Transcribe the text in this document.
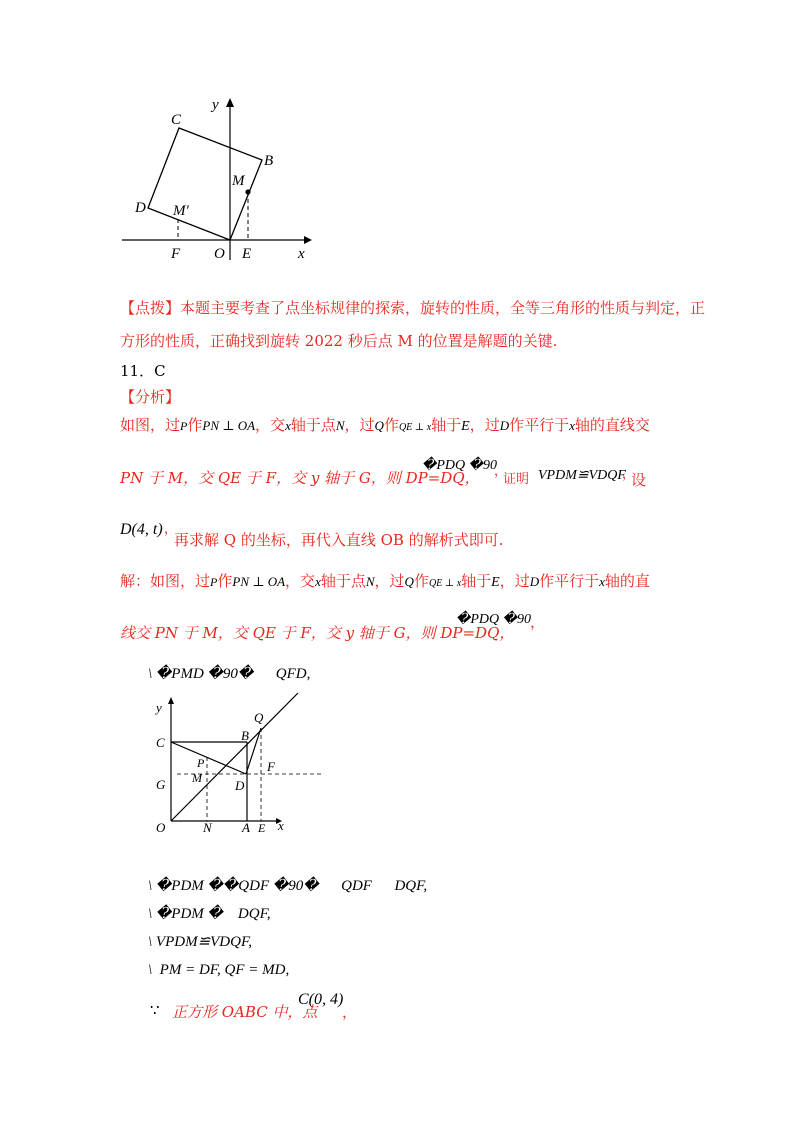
C
B
M
D M′
F O E	x
y
【点拨】本题主要考查了点坐标规律的探索，旋转的性质，全等三角形的性质与判定，正
方形的性质，正确找到旋转 2022 秒后点 M 的位置是解题的关键.
11．C
【分析】
如图，过P作PN ⊥ OA，交x轴于点N，过Q作QE ⊥ x轴于E，过D作平行于x轴的直线交
PN 于 M，交 QE 于 F，交 y 轴于 G，则 DP=DQ，
�PDQ �90
，
证明 VPDM≌VDQF
，
设
D(4, t) ，
再求解 Q 的坐标，再代入直线 OB 的解析式即可.
解：如图，过P作PN ⊥ OA，交x轴于点N，过Q作QE ⊥ x轴于E，过D作平行于x轴的直
线交 PN 于 M，交 QE 于 F，交 y 轴于 G，则 DP=DQ，
�PDQ �90 ，
\ �PMD �90�      QFD,
y
C	B
Q
P
M
F
G	D
O	N A E x
\ �PDM ��QDF �90�      QDF      DQF,
\ �PDM �    DQF,
\ VPDM≌VDQF,
\  PM = DF, QF = MD,
∵ 正方形 OABC 中，点
C(0, 4)
，
